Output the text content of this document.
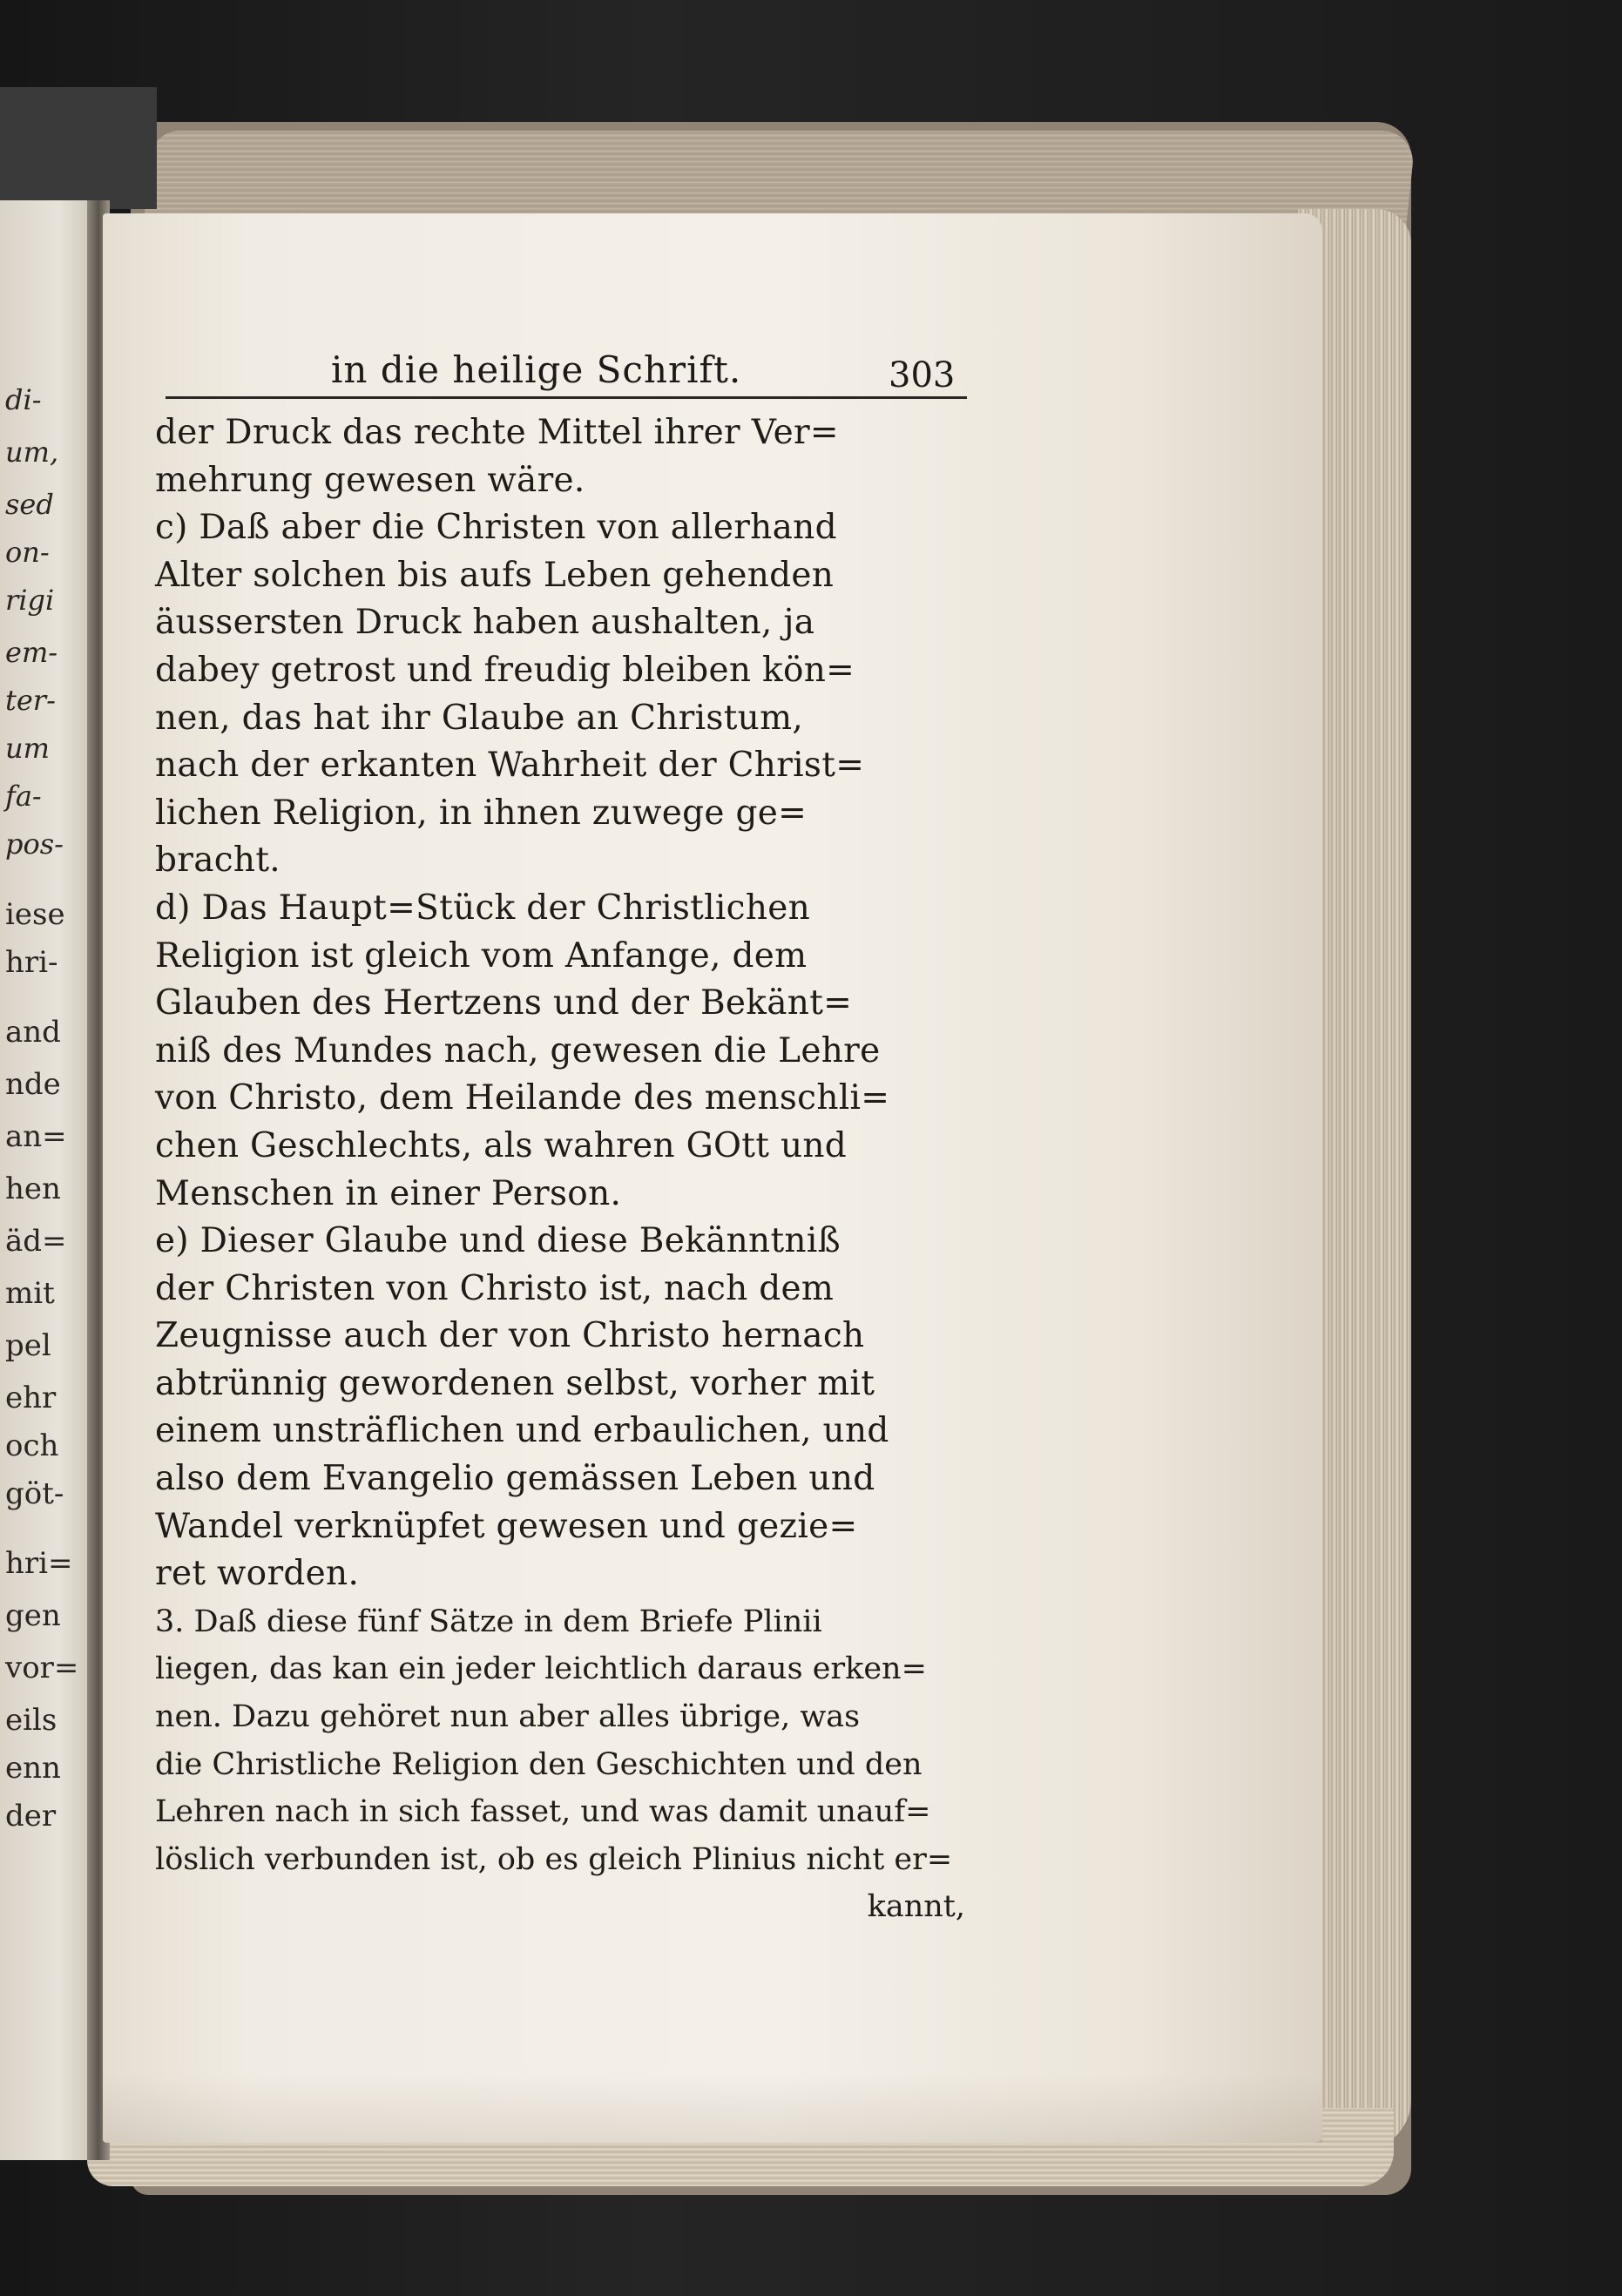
in die heilige Schrift.	303
der Druck das rechte Mittel ihrer Ver=
mehrung gewesen wäre.
c) Daß aber die Christen von allerhand
Alter solchen bis aufs Leben gehenden
äussersten Druck haben aushalten, ja
dabey getrost und freudig bleiben kön=
nen, das hat ihr Glaube an Christum,
nach der erkanten Wahrheit der Christ=
lichen Religion, in ihnen zuwege ge=
bracht.
d) Das Haupt=Stück der Christlichen
Religion ist gleich vom Anfange, dem
Glauben des Hertzens und der Bekänt=
niß des Mundes nach, gewesen die Lehre
von Christo, dem Heilande des menschli=
chen Geschlechts, als wahren GOtt und
Menschen in einer Person.
e) Dieser Glaube und diese Bekänntniß
der Christen von Christo ist, nach dem
Zeugnisse auch der von Christo hernach
abtrünnig gewordenen selbst, vorher mit
einem unsträflichen und erbaulichen, und
also dem Evangelio gemässen Leben und
Wandel verknüpfet gewesen und gezie=
ret worden.
3. Daß diese fünf Sätze in dem Briefe Plinii
liegen, das kan ein jeder leichtlich daraus erken=
nen. Dazu gehöret nun aber alles übrige, was
die Christliche Religion den Geschichten und den
Lehren nach in sich fasset, und was damit unauf=
löslich verbunden ist, ob es gleich Plinius nicht er=
kannt,
di-
um,
sed
on-
rigi
em-
ter-
um
fa-
pos-
iese
hri-
and
nde
an=
hen
äd=
mit
pel
ehr
och
göt-
hri=
gen
vor=
eils
enn
der
